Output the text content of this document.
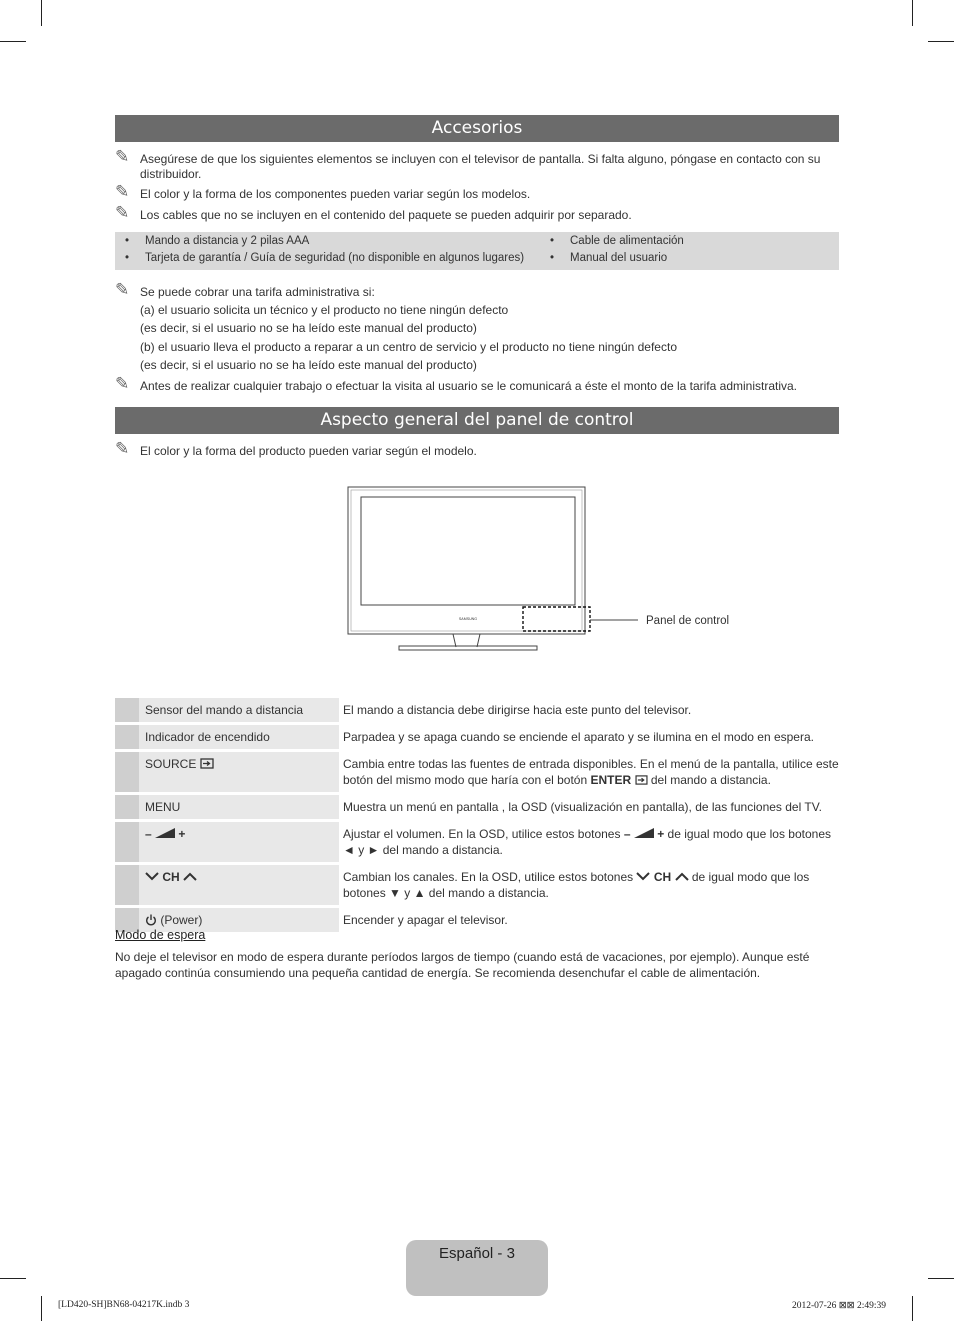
Accesorios
✎ Asegúrese de que los siguientes elementos se incluyen con el televisor de pantalla. Si falta alguno, póngase en contacto con su distribuidor.
✎ El color y la forma de los componentes pueden variar según los modelos.
✎ Los cables que no se incluyen en el contenido del paquete se pueden adquirir por separado.
• Mando a distancia y 2 pilas AAA
• Tarjeta de garantía / Guía de seguridad (no disponible en algunos lugares)
• Cable de alimentación
• Manual del usuario
✎ Se puede cobrar una tarifa administrativa si:
(a) el usuario solicita un técnico y el producto no tiene ningún defecto
(es decir, si el usuario no se ha leído este manual del producto)
(b) el usuario lleva el producto a reparar a un centro de servicio y el producto no tiene ningún defecto
(es decir, si el usuario no se ha leído este manual del producto)
✎ Antes de realizar cualquier trabajo o efectuar la visita al usuario se le comunicará a éste el monto de la tarifa administrativa.
Aspecto general del panel de control
✎ El color y la forma del producto pueden variar según el modelo.
SAMSUNG	Panel de control
	Sensor del mando a distancia	El mando a distancia debe dirigirse hacia este punto del televisor.
	Indicador de encendido	Parpadea y se apaga cuando se enciende el aparato y se ilumina en el modo en espera.
	SOURCE	Cambia entre todas las fuentes de entrada disponibles. En el menú de la pantalla, utilice este botón del mismo modo que haría con el botón ENTER  del mando a distancia.
	MENU	Muestra un menú en pantalla , la OSD (visualización en pantalla), de las funciones del TV.
	– +	Ajustar el volumen. En la OSD, utilice estos botones – + de igual modo que los botones ◄ y ► del mando a distancia.
	CH	Cambian los canales. En la OSD, utilice estos botones  CH  de igual modo que los botones ▼ y ▲ del mando a distancia.
	(Power)	Encender y apagar el televisor.
Modo de espera
No deje el televisor en modo de espera durante períodos largos de tiempo (cuando está de vacaciones, por ejemplo). Aunque esté apagado continúa consumiendo una pequeña cantidad de energía. Se recomienda desenchufar el cable de alimentación.
Español - 3
[LD420-SH]BN68-04217K.indb 3	2012-07-26 ⊠⊠ 2:49:39
